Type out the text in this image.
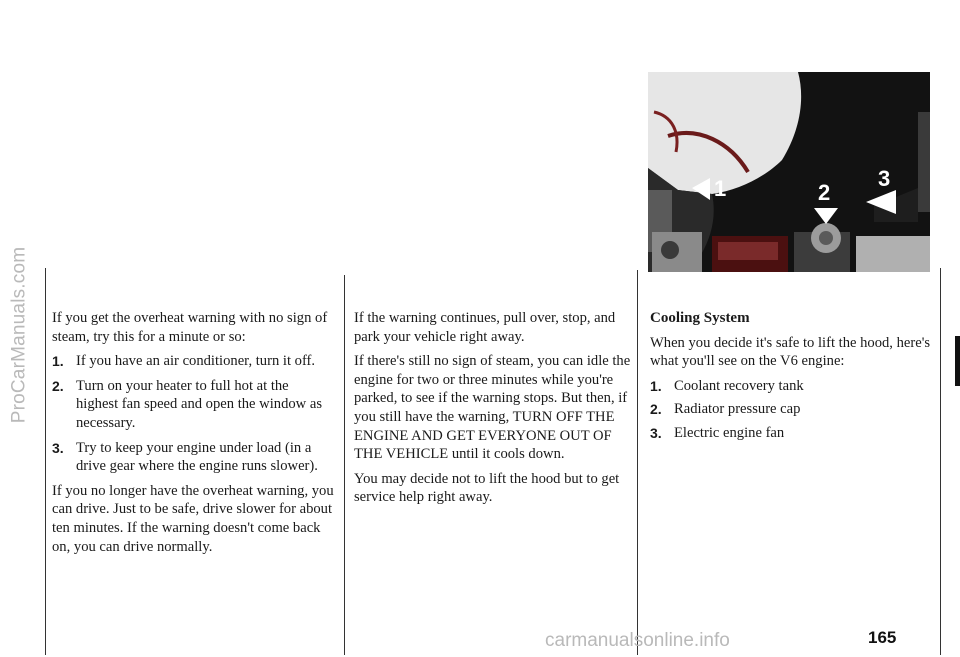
ProCarManuals.com If you get the overheat warning with no sign of steam, try this for a minute or so:

1. If you have an air conditioner, turn it off.
2. Turn on your heater to full hot at the highest fan speed and open the window as necessary.
3. Try to keep your engine under load (in a drive gear where the engine runs slower).

If you no longer have the overheat warning, you can drive. Just to be safe, drive slower for about ten minutes. If the warning doesn't come back on, you can drive normally.

If the warning continues, pull over, stop, and park your vehicle right away.

If there's still no sign of steam, you can idle the engine for two or three minutes while you're parked, to see if the warning stops. But then, if you still have the warning, TURN OFF THE ENGINE AND GET EVERYONE OUT OF THE VEHICLE until it cools down.

You may decide not to lift the hood but to get service help right away.

1	2
3
Cooling System

When you decide it's safe to lift the hood, here's what you'll see on the V6 engine:

1. Coolant recovery tank
2. Radiator pressure cap
3. Electric engine fan
165
carmanualsonline.info
